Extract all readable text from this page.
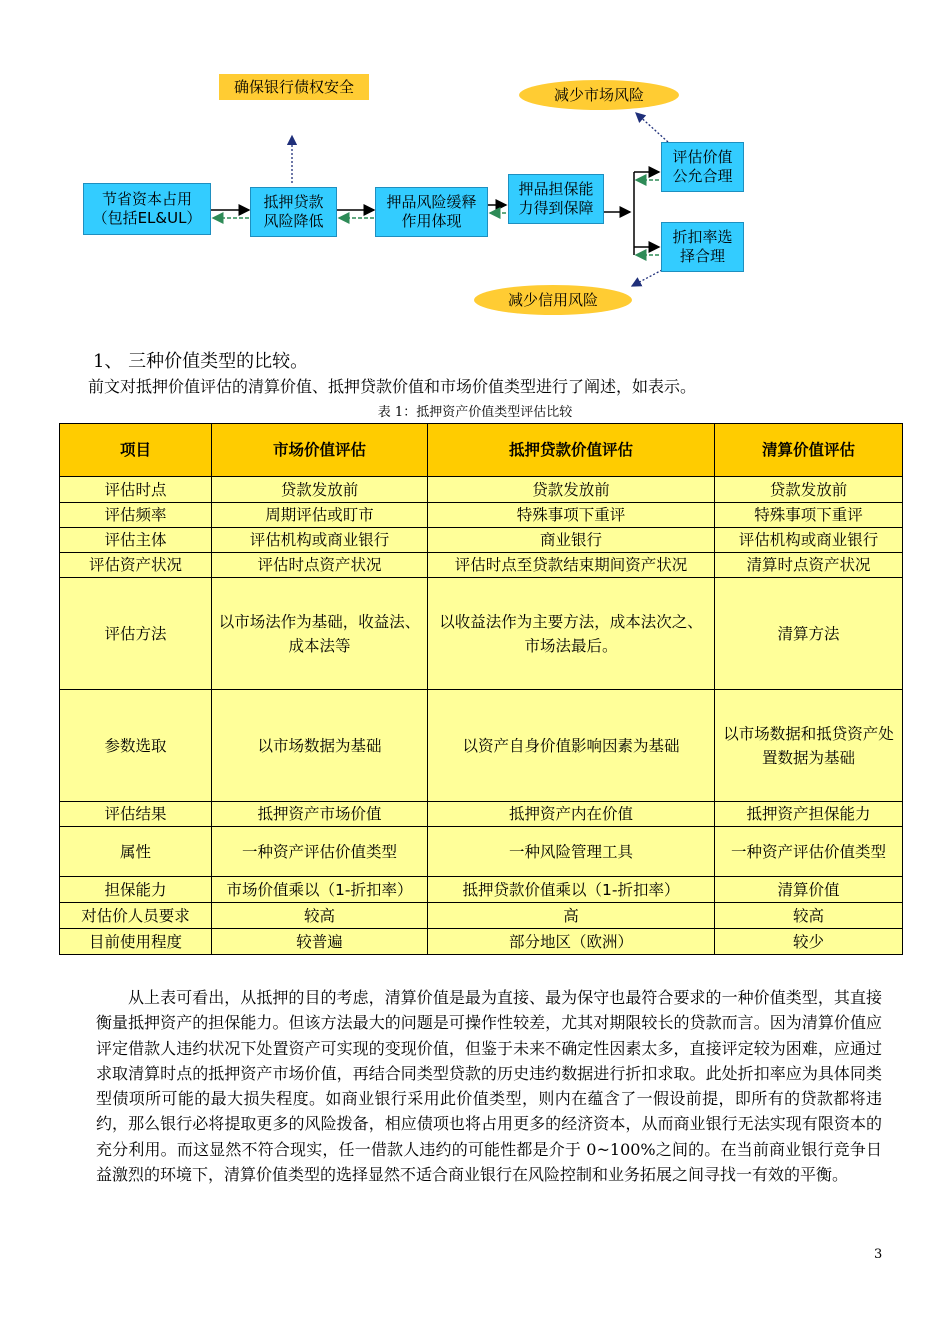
确保银行债权安全	减少市场风险
节省资本占用
（包括EL&UL）
抵押贷款
风险降低
押品风险缓释
作用体现
押品担保能
力得到保障
评估价值
公允合理
折扣率选
择合理
减少信用风险
1、 三种价值类型的比较。
前文对抵押价值评估的清算价值、抵押贷款价值和市场价值类型进行了阐述，如表示。
表 1：抵押资产价值类型评估比较
项目	市场价值评估	抵押贷款价值评估	清算价值评估
评估时点	贷款发放前	贷款发放前	贷款发放前
评估频率	周期评估或盯市	特殊事项下重评	特殊事项下重评
评估主体	评估机构或商业银行	商业银行	评估机构或商业银行
评估资产状况	评估时点资产状况	评估时点至贷款结束期间资产状况	清算时点资产状况
评估方法	以市场法作为基础，收益法、成本法等	以收益法作为主要方法，成本法次之、市场法最后。	清算方法
参数选取	以市场数据为基础	以资产自身价值影响因素为基础	以市场数据和抵贷资产处置数据为基础
评估结果	抵押资产市场价值	抵押资产内在价值	抵押资产担保能力
属性	一种资产评估价值类型	一种风险管理工具	一种资产评估价值类型
担保能力	市场价值乘以（1-折扣率）	抵押贷款价值乘以（1-折扣率）	清算价值
对估价人员要求	较高	高	较高
目前使用程度	较普遍	部分地区（欧洲）	较少
从上表可看出，从抵押的目的考虑，清算价值是最为直接、最为保守也最符合要求的一种价值类型，其直接衡量抵押资产的担保能力。但该方法最大的问题是可操作性较差，尤其对期限较长的贷款而言。因为清算价值应评定借款人违约状况下处置资产可实现的变现价值，但鉴于未来不确定性因素太多，直接评定较为困难，应通过求取清算时点的抵押资产市场价值，再结合同类型贷款的历史违约数据进行折扣求取。此处折扣率应为具体同类型债项所可能的最大损失程度。如商业银行采用此价值类型，则内在蕴含了一假设前提，即所有的贷款都将违约，那么银行必将提取更多的风险拨备，相应债项也将占用更多的经济资本，从而商业银行无法实现有限资本的充分利用。而这显然不符合现实，任一借款人违约的可能性都是介于 0~100%之间的。在当前商业银行竞争日益激烈的环境下，清算价值类型的选择显然不适合商业银行在风险控制和业务拓展之间寻找一有效的平衡。
3
